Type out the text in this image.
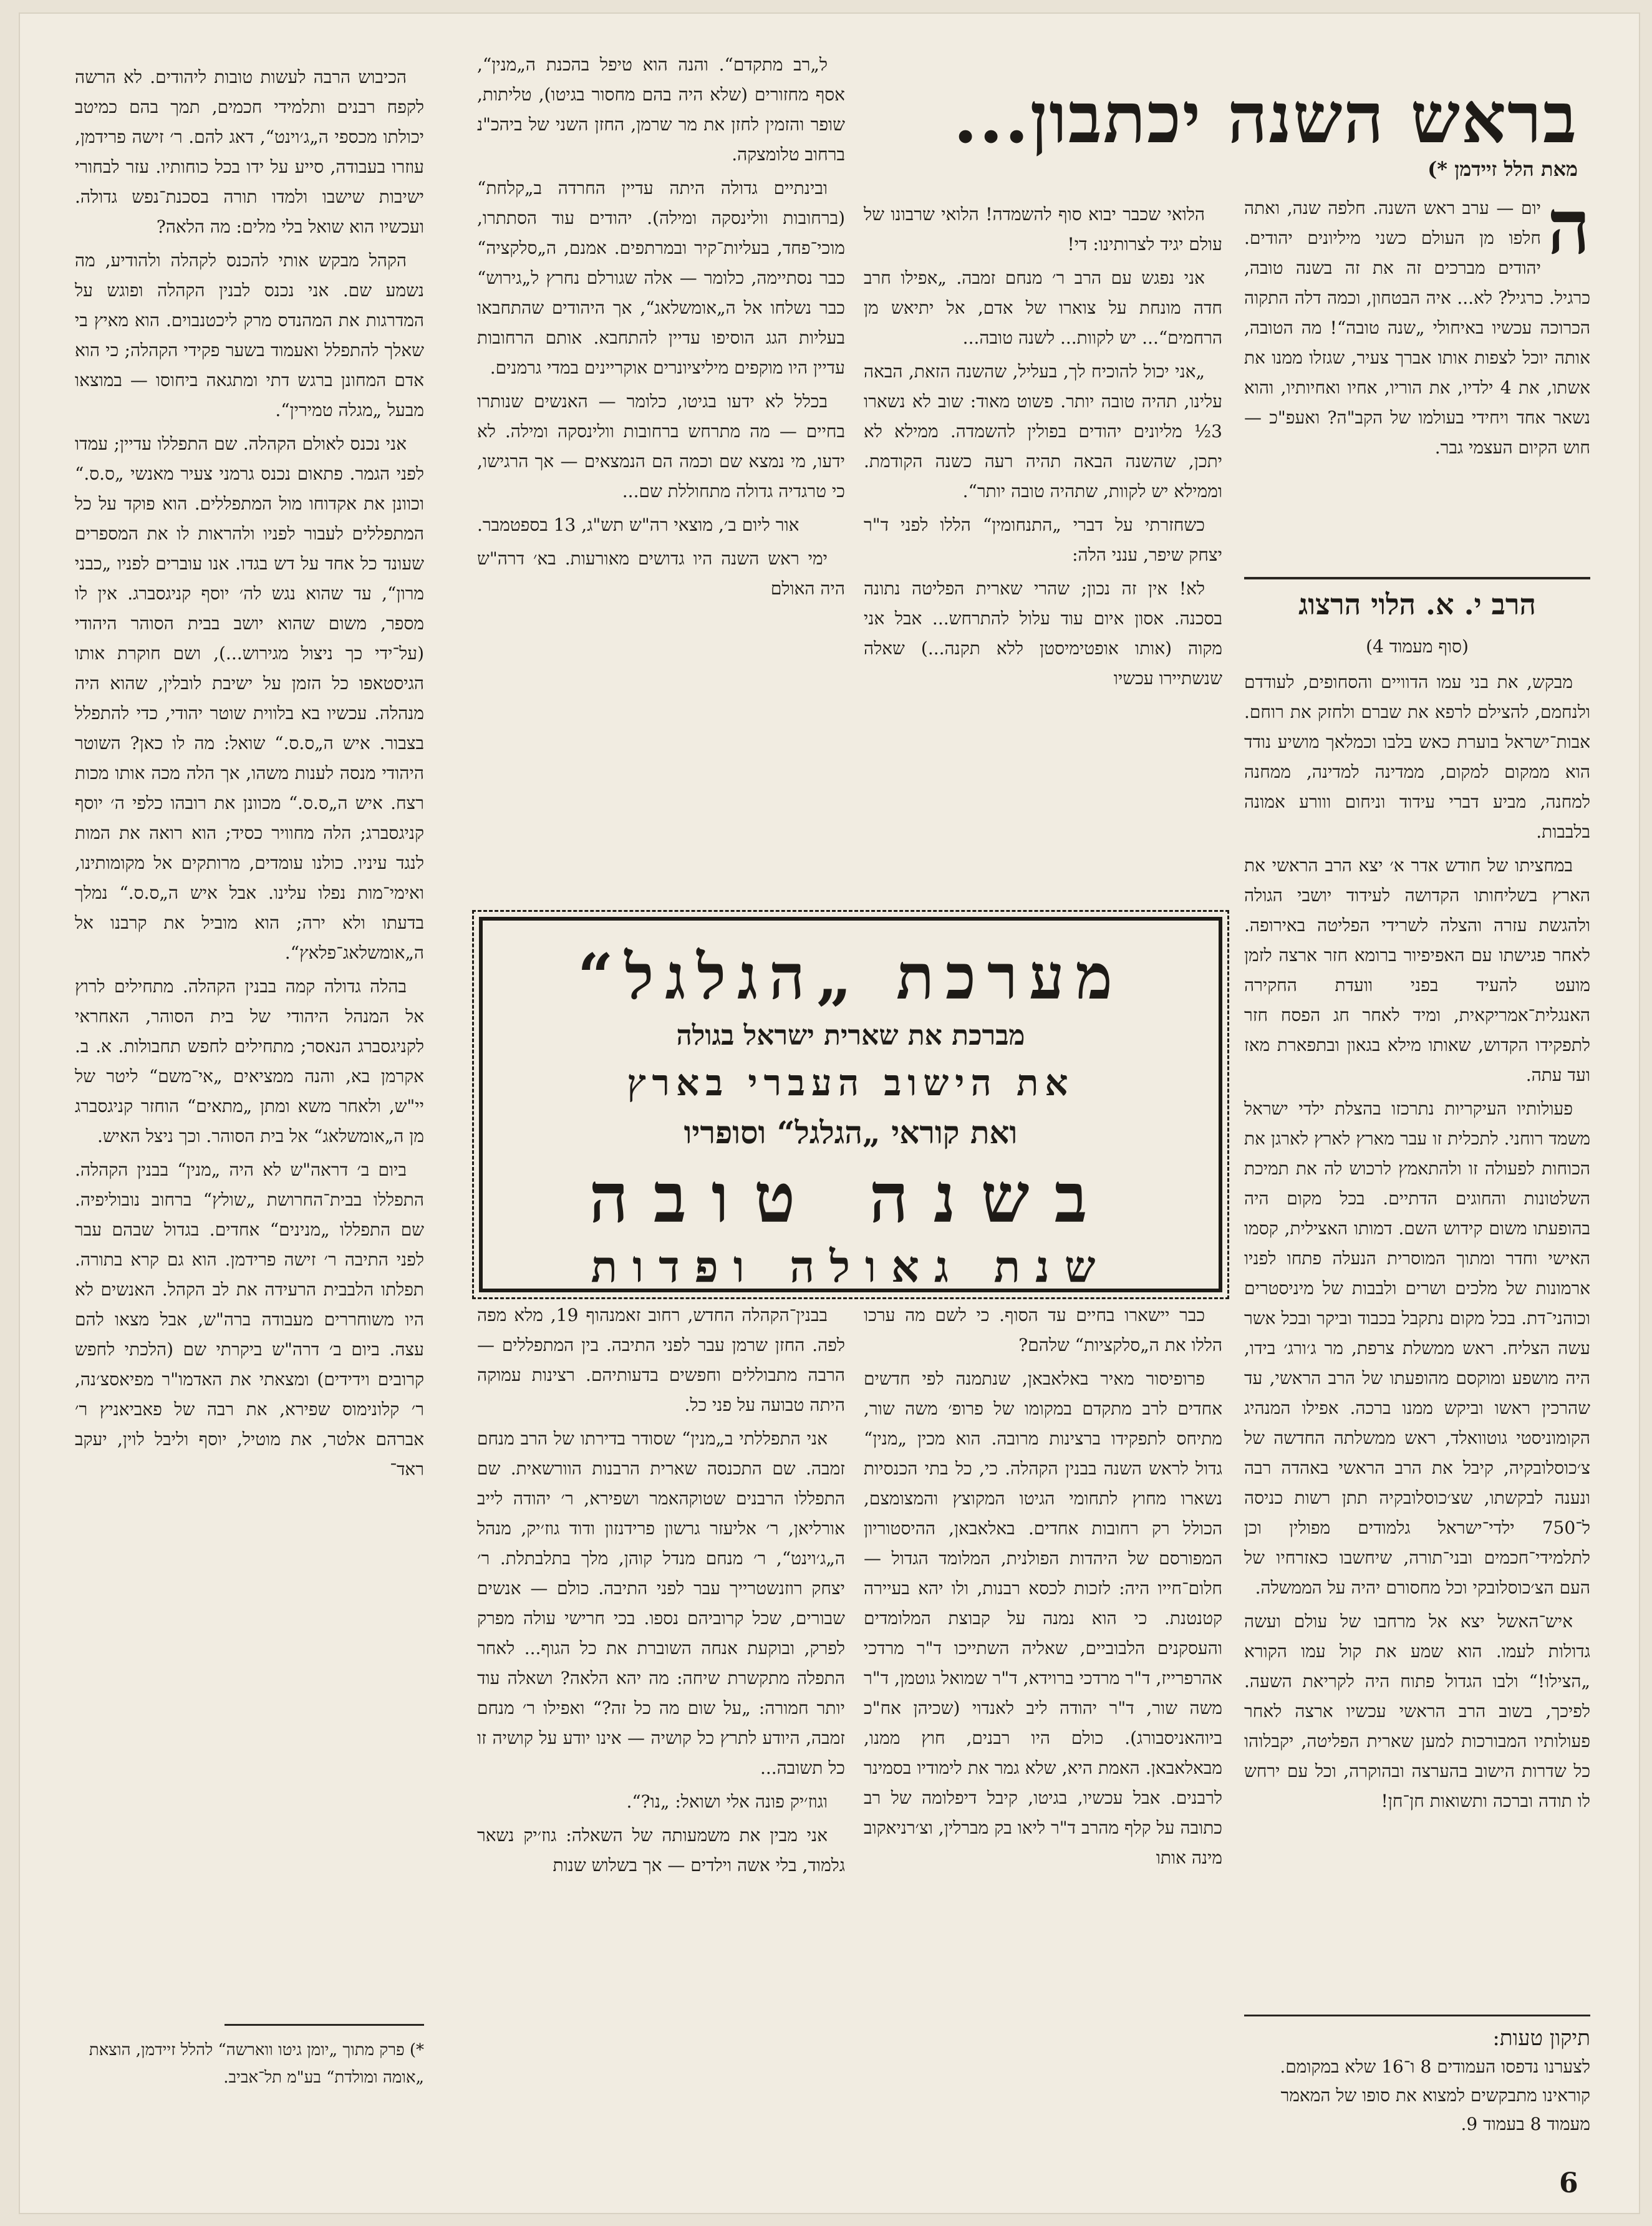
בראש השנה יכתבון...
מאת הלל זיידמן *)
ה
יום — ערב ראש השנה. חלפה שנה, ואתה חלפו מן העולם כשני מיליונים יהודים. יהודים מברכים זה את זה בשנה טובה, כרגיל. כרגיל? לא... איה הבטחון, וכמה דלה התקוה הכרוכה עכשיו באיחולי „שנה טובה“! מה הטובה, אותה יוכל לצפות אותו אברך צעיר, שגזלו ממנו את אשתו, את 4 ילדיו, את הוריו, אחיו ואחיותיו, והוא נשאר אחד ויחידי בעולמו של הקב"ה? ואעפ"כ — חוש הקיום העצמי גבר.
הרב י. א. הלוי הרצוג
(סוף מעמוד 4)

מבקש, את בני עמו הדוויים והסחופים, לעודדם ולנחמם, להצילם לרפא את שברם ולחזק את רוחם. אבות־ישראל בוערת כאש בלבו וכמלאך מושיע נודד הוא ממקום למקום, ממדינה למדינה, ממחנה למחנה, מביע דברי עידוד וניחום ווורע אמונה בלבבות.

במחציתו של חודש אדר א׳ יצא הרב הראשי את הארץ בשליחותו הקדושה לעידוד יושבי הגולה ולהגשת עזרה והצלה לשרידי הפליטה באירופה. לאחר פגישתו עם האפיפיור ברומא חזר ארצה לזמן מועט להעיד בפני וועדת החקירה האנגלית־אמריקאית, ומיד לאחר חג הפסח חזר לתפקידו הקדוש, שאותו מילא בגאון ובתפארת מאז ועד עתה.

פעולותיו העיקריות נתרכזו בהצלת ילדי ישראל משמד רוחני. לתכלית זו עבר מארץ לארץ לארגן את הכוחות לפעולה זו ולהתאמץ לרכוש לה את תמיכת השלטונות והחוגים הדתיים. בכל מקום היה בהופעתו משום קידוש השם. דמותו האצילית, קסמו האישי וחדר ומתוך המוסרית הנעלה פתחו לפניו ארמונות של מלכים ושרים ולבבות של מיניסטרים וכוהני־דת. בכל מקום נתקבל בכבוד וביקר ובכל אשר עשה הצליח. ראש ממשלת צרפת, מר ג׳ורג׳ בידו, היה מושפע ומוקסם מהופעתו של הרב הראשי, עד שהרכין ראשו וביקש ממנו ברכה. אפילו המנהיג הקומוניסטי גוטוואלד, ראש ממשלתה החדשה של צ׳כוסלובקיה, קיבל את הרב הראשי באהדה רבה ונענה לבקשתו, שצ׳כוסלובקיה תתן רשות כניסה ל־750 ילדי־ישראל גלמודים מפולין וכן לתלמידי־חכמים ובני־תורה, שיחשבו כאזרחיו של העם הצ׳כוסלובקי וכל מחסורם יהיה על הממשלה.

איש־האשל יצא אל מרחבו של עולם ועשה גדולות לעמו. הוא שמע את קול עמו הקורא „הצילו!“ ולבו הגדול פתוח היה לקריאת השעה. לפיכך, בשוב הרב הראשי עכשיו ארצה לאחר פעולותיו המבורכות למען שארית הפליטה, יקבלוהו כל שדרות הישוב בהערצה ובהוקרה, וכל עם ירחש לו תודה וברכה ותשואות חן־חן!

תיקון טעות:
לצערנו נדפסו העמודים 8 ו־16 שלא במקומם. קוראינו מתבקשים למצוא את סופו של המאמר מעמוד 8 בעמוד 9.

הלואי שכבר יבוא סוף להשמדה! הלואי שרבונו של עולם יגיד לצרותינו: די!

אני נפגש עם הרב ר׳ מנחם זמבה. „אפילו חרב חדה מונחת על צוארו של אדם, אל יתיאש מן הרחמים“... יש לקוות... לשנה טובה...

„אני יכול להוכיח לך, בעליל, שהשנה הזאת, הבאה עלינו, תהיה טובה יותר. פשוט מאוד: שוב לא נשארו 3½ מליונים יהודים בפולין להשמדה. ממילא לא יתכן, שהשנה הבאה תהיה רעה כשנה הקודמת. וממילא יש לקוות, שתהיה טובה יותר“.

כשחזרתי על דברי „התנחומין“ הללו לפני ד"ר יצחק שיפר, ענני הלה:

לא! אין זה נכון; שהרי שארית הפליטה נתונה בסכנה. אסון איום עוד עלול להתרחש... אבל אני מקוה (אותו אופטימיסטן ללא תקנה...) שאלה שנשתיירו עכשיו

ל„רב מתקדם“. והנה הוא טיפל בהכנת ה„מנין“, אסף מחזורים (שלא היה בהם מחסור בגיטו), טליתות, שופר והזמין לחזן את מר שרמן, החזן השני של ביהכ"נ ברחוב טלומצקה.

ובינתיים גדולה היתה עדיין החרדה ב„קלחת“ (ברחובות וולינסקה ומילה). יהודים עוד הסתתרו, מוכי־פחד, בעליות־קיר ובמרתפים. אמנם, ה„סלקציה“ כבר נסתיימה, כלומר — אלה שגורלם נחרץ ל„גירוש“ כבר נשלחו אל ה„אומשלאג“, אך היהודים שהתחבאו בעליות הגג הוסיפו עדיין להתחבא. אותם הרחובות עדיין היו מוקפים מיליציונרים אוקריינים במדי גרמנים.

בכלל לא ידעו בגיטו, כלומר — האנשים שנותרו בחיים — מה מתרחש ברחובות וולינסקה ומילה. לא ידעו, מי נמצא שם וכמה הם הנמצאים — אך הרגישו, כי טרגדיה גדולה מתחוללת שם...

אור ליום ב׳, מוצאי רה"ש תש"ג, 13 בספטמבר.

ימי ראש השנה היו גדושים מאורעות. בא׳ דרה"ש היה האולם

מערכת „הגלגל“
מברכת את שארית ישראל בגולה
את הישוב העברי בארץ
ואת קוראי „הגלגל“ וסופריו
בשנה טובה
שנת גאולה ופדות

כבר יישארו בחיים עד הסוף. כי לשם מה ערכו הללו את ה„סלקציות“ שלהם?

פרופיסור מאיר באלאבאן, שנתמנה לפי חדשים אחדים לרב מתקדם במקומו של פרופ׳ משה שור, מתיחס לתפקידו ברצינות מרובה. הוא מכין „מנין“ גדול לראש השנה בבנין הקהלה. כי, כל בתי הכנסיות נשארו מחוץ לתחומי הגיטו המקוצץ והמצומצם, הכולל רק רחובות אחדים. באלאבאן, ההיסטוריון המפורסם של היהדות הפולנית, המלומד הגדול — חלום־חייו היה: לזכות לכסא רבנות, ולו יהא בעיירה קטנטנת. כי הוא נמנה על קבוצת המלומדים והעסקנים הלבוביים, שאליה השתייכו ד"ר מרדכי אהרפרייז, ד"ר מרדכי ברוידא, ד"ר שמואל גוטמן, ד"ר משה שור, ד"ר יהודה ליב לאנדוי (שכיהן אח"כ ביוהאניסבורג). כולם היו רבנים, חוץ ממנו, מבאלאבאן. האמת היא, שלא גמר את לימודיו בסמינר לרבנים. אבל עכשיו, בגיטו, קיבל דיפלומה של רב כתובה על קלף מהרב ד"ר ליאו בק מברלין, וצ׳רניאקוב מינה אותו

בבנין־הקהלה החדש, רחוב זאמנהוף 19, מלא מפה לפה. החזן שרמן עבר לפני התיבה. בין המתפללים — הרבה מתבוללים וחפשים בדעותיהם. רצינות עמוקה היתה טבועה על פני כל.

אני התפללתי ב„מנין“ שסודר בדירתו של הרב מנחם זמבה. שם התכנסה שארית הרבנות הוורשאית. שם התפללו הרבנים שטוקהאמר ושפירא, ר׳ יהודה לייב אורליאן, ר׳ אליעזר גרשון פרידנזון ודוד גוז׳יק, מנהל ה„ג׳וינט“, ר׳ מנחם מנדל קוהן, מלך בתלבתלת. ר׳ יצחק רוזנשטרייך עבר לפני התיבה. כולם — אנשים שבורים, שכל קרוביהם נספו. בכי חרישי עולה מפרק לפרק, ובוקעת אנחה השוברת את כל הגוף... לאחר התפלה מתקשרת שיחה: מה יהא הלאה? ושאלה עוד יותר חמורה: „על שום מה כל זה?“ ואפילו ר׳ מנחם זמבה, היודע לתרץ כל קושיה — אינו יודע על קושיה זו כל תשובה...

וגוז׳יק פונה אלי ושואל: „נו?“.

אני מבין את משמעותה של השאלה: גוז׳יק נשאר גלמוד, בלי אשה וילדים — אך בשלוש שנות

הכיבוש הרבה לעשות טובות ליהודים. לא הרשה לקפח רבנים ותלמידי חכמים, תמך בהם כמיטב יכולתו מכספי ה„ג׳וינט“, דאג להם. ר׳ זישה פרידמן, עוזרו בעבודה, סייע על ידו בכל כוחותיו. עזר לבחורי ישיבות שישבו ולמדו תורה בסכנת־נפש גדולה. ועכשיו הוא שואל בלי מלים: מה הלאה?

הקהל מבקש אותי להכנס לקהלה ולהודיע, מה נשמע שם. אני נכנס לבנין הקהלה ופוגש על המדרגות את המהנדס מרק ליכטנבוים. הוא מאיץ בי שאלך להתפלל ואעמוד בשער פקידי הקהלה; כי הוא אדם המחונן ברגש דתי ומתגאה ביחוסו — במוצאו מבעל „מגלה טמירין“.

אני נכנס לאולם הקהלה. שם התפללו עדיין; עמדו לפני הגמר. פתאום נכנס גרמני צעיר מאנשי „ס.ס.“ וכוונן את אקדוחו מול המתפללים. הוא פוקד על כל המתפללים לעבור לפניו ולהראות לו את המספרים שעונד כל אחד על דש בגדו. אנו עוברים לפניו „כבני מרון“, עד שהוא נגש לה׳ יוסף קניגסברג. אין לו מספר, משום שהוא יושב בבית הסוהר היהודי (על־ידי כך ניצול מגירוש...), ושם חוקרת אותו הגיסטאפו כל הזמן על ישיבת לובלין, שהוא היה מנהלה. עכשיו בא בלווית שוטר יהודי, כדי להתפלל בצבור. איש ה„ס.ס.“ שואל: מה לו כאן? השוטר היהודי מנסה לענות משהו, אך הלה מכה אותו מכות רצח. איש ה„ס.ס.“ מכוונן את רובהו כלפי ה׳ יוסף קניגסברג; הלה מחוויר כסיד; הוא רואה את המות לנגד עיניו. כולנו עומדים, מרותקים אל מקומותינו, ואימי־מות נפלו עלינו. אבל איש ה„ס.ס.“ נמלך בדעתו ולא ירה; הוא מוביל את קרבנו אל ה„אומשלאג־פלאץ“.

בהלה גדולה קמה בבנין הקהלה. מתחילים לרוץ אל המנהל היהודי של בית הסוהר, האחראי לקניגסברג הנאסר; מתחילים לחפש תחבולות. א. ב. אקרמן בא, והנה ממציאים „אי־משם“ ליטר של יי"ש, ולאחר משא ומתן „מתאים“ הוחזר קניגסברג מן ה„אומשלאג“ אל בית הסוהר. וכך ניצל האיש.

ביום ב׳ דראה"ש לא היה „מנין“ בבנין הקהלה. התפללו בבית־החרושת „שולץ“ ברחוב נובוליפיה. שם התפללו „מנינים“ אחדים. בגדול שבהם עבר לפני התיבה ר׳ זישה פרידמן. הוא גם קרא בתורה. תפלתו הלבבית הרעידה את לב הקהל. האנשים לא היו משוחררים מעבודה ברה"ש, אבל מצאו להם עצה. ביום ב׳ דרה"ש ביקרתי שם (הלכתי לחפש קרובים וידידים) ומצאתי את האדמו"ר מפיאסצ׳נה, ר׳ קלונימוס שפירא, את רבה של פאביאניץ ר׳ אברהם אלטר, את מוטיל, יוסף וליבל לוין, יעקב ראד־

*) פרק מתוך „יומן גיטו ווארשה“ להלל זיידמן, הוצאת „אומה ומולדת“ בע"מ תל־אביב.
6
